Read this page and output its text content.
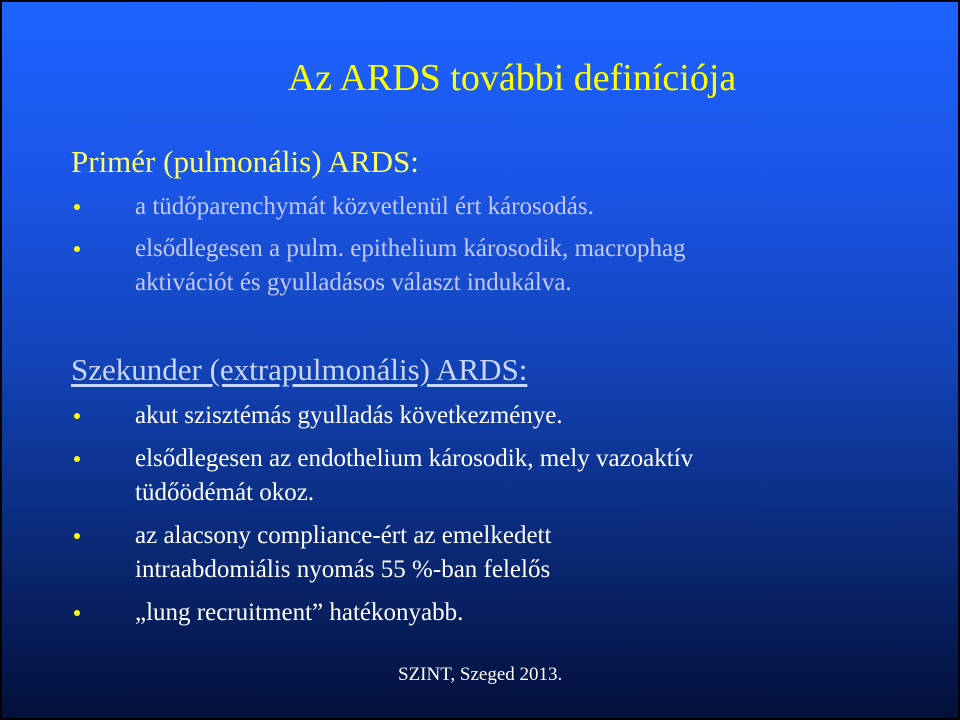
Az ARDS további definíciója
Primér (pulmonális) ARDS:
a tüdőparenchymát közvetlenül ért károsodás.
elsődlegesen a pulm. epithelium károsodik, macrophag
aktivációt és gyulladásos választ indukálva.
Szekunder (extrapulmonális) ARDS:
akut szisztémás gyulladás következménye.
elsődlegesen az endothelium károsodik, mely vazoaktív
tüdőödémát okoz.
az alacsony compliance-ért az emelkedett
intraabdomiális nyomás 55 %-ban felelős
„lung recruitment” hatékonyabb.
SZINT, Szeged 2013.
